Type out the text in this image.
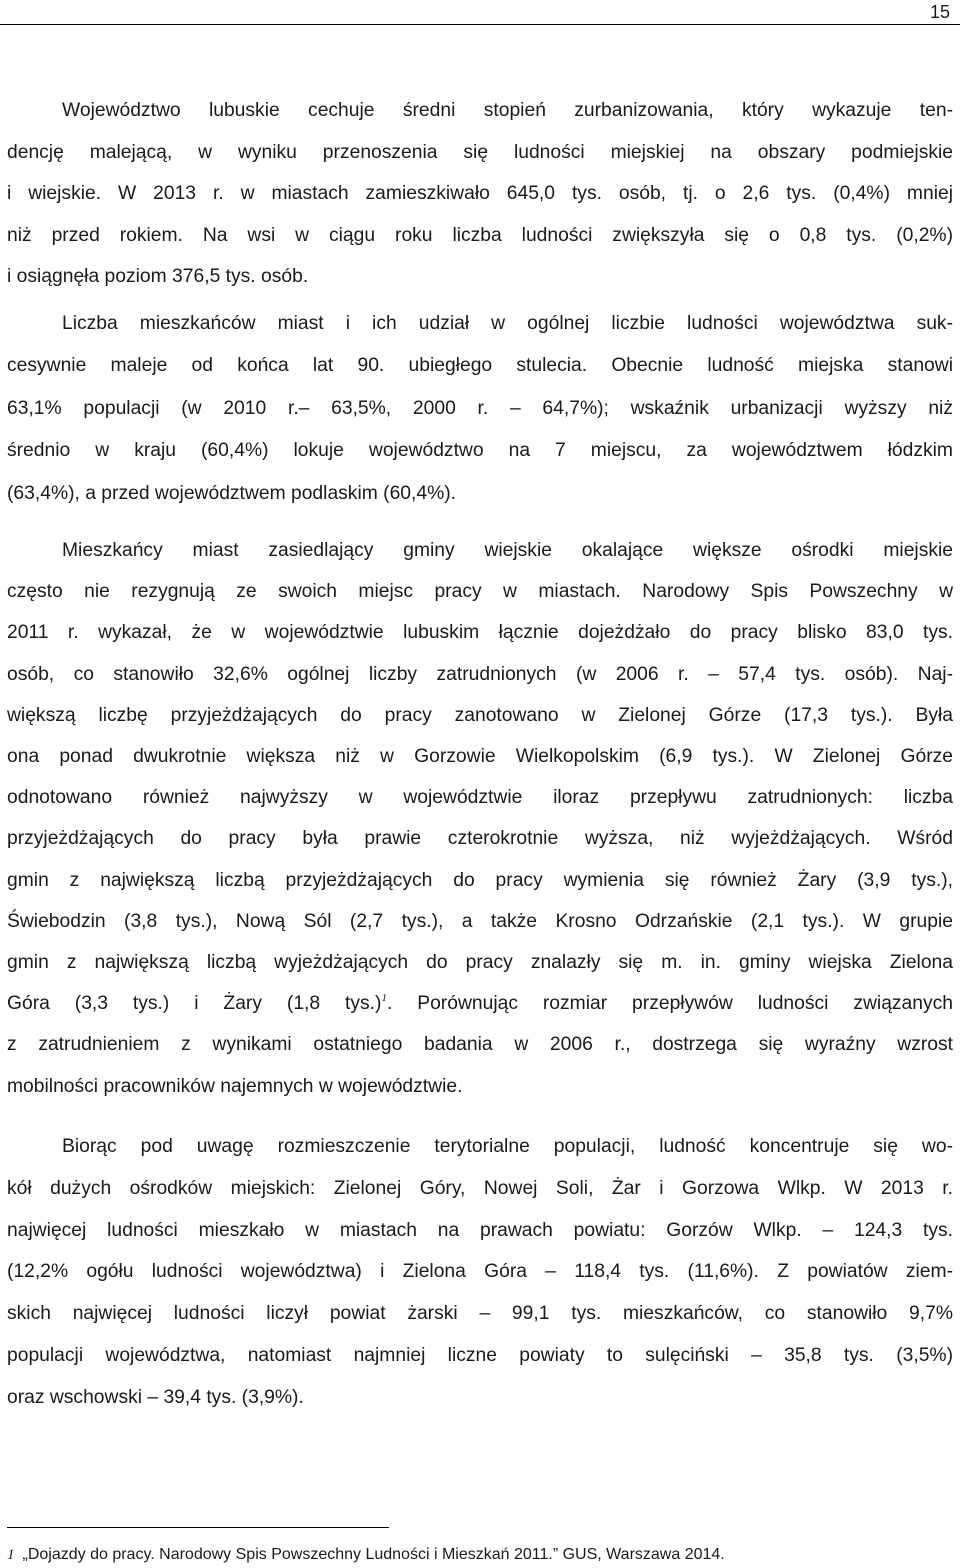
15
Województwo lubuskie cechuje średni stopień zurbanizowania, który wykazuje ten-
dencję malejącą, w wyniku przenoszenia się ludności miejskiej na obszary podmiejskie
i wiejskie. W 2013 r. w miastach zamieszkiwało 645,0 tys. osób, tj. o 2,6 tys. (0,4%) mniej
niż przed rokiem. Na wsi w ciągu roku liczba ludności zwiększyła się o 0,8 tys. (0,2%)
i osiągnęła poziom 376,5 tys. osób.
Liczba mieszkańców miast i ich udział w ogólnej liczbie ludności województwa suk-
cesywnie maleje od końca lat 90. ubiegłego stulecia. Obecnie ludność miejska stanowi
63,1% populacji (w 2010 r.– 63,5%, 2000 r. – 64,7%); wskaźnik urbanizacji wyższy niż
średnio w kraju (60,4%) lokuje województwo na 7 miejscu, za województwem łódzkim
(63,4%), a przed województwem podlaskim (60,4%).
Mieszkańcy miast zasiedlający gminy wiejskie okalające większe ośrodki miejskie
często nie rezygnują ze swoich miejsc pracy w miastach. Narodowy Spis Powszechny w
2011 r. wykazał, że w województwie lubuskim łącznie dojeżdżało do pracy blisko 83,0 tys.
osób, co stanowiło 32,6% ogólnej liczby zatrudnionych (w 2006 r. – 57,4 tys. osób). Naj-
większą liczbę przyjeżdżających do pracy zanotowano w Zielonej Górze (17,3 tys.). Była
ona ponad dwukrotnie większa niż w Gorzowie Wielkopolskim (6,9 tys.). W Zielonej Górze
odnotowano również najwyższy w województwie iloraz przepływu zatrudnionych: liczba
przyjeżdżających do pracy była prawie czterokrotnie wyższa, niż wyjeżdżających. Wśród
gmin z największą liczbą przyjeżdżających do pracy wymienia się również Żary (3,9 tys.),
Świebodzin (3,8 tys.), Nową Sól (2,7 tys.), a także Krosno Odrzańskie (2,1 tys.). W grupie
gmin z największą liczbą wyjeżdżających do pracy znalazły się m. in. gminy wiejska Zielona
Góra (3,3 tys.) i Żary (1,8 tys.)$^1$. Porównując rozmiar przepływów ludności związanych
z zatrudnieniem z wynikami ostatniego badania w 2006 r., dostrzega się wyraźny wzrost
mobilności pracowników najemnych w województwie.
Biorąc pod uwagę rozmieszczenie terytorialne populacji, ludność koncentruje się wo-
kół dużych ośrodków miejskich: Zielonej Góry, Nowej Soli, Żar i Gorzowa Wlkp. W 2013 r.
najwięcej ludności mieszkało w miastach na prawach powiatu: Gorzów Wlkp. – 124,3 tys.
(12,2% ogółu ludności województwa) i Zielona Góra – 118,4 tys. (11,6%). Z powiatów ziem-
skich najwięcej ludności liczył powiat żarski – 99,1 tys. mieszkańców, co stanowiło 9,7%
populacji województwa, natomiast najmniej liczne powiaty to sulęciński – 35,8 tys. (3,5%)
oraz wschowski – 39,4 tys. (3,9%).
1 „Dojazdy do pracy. Narodowy Spis Powszechny Ludności i Mieszkań 2011.” GUS, Warszawa 2014.
